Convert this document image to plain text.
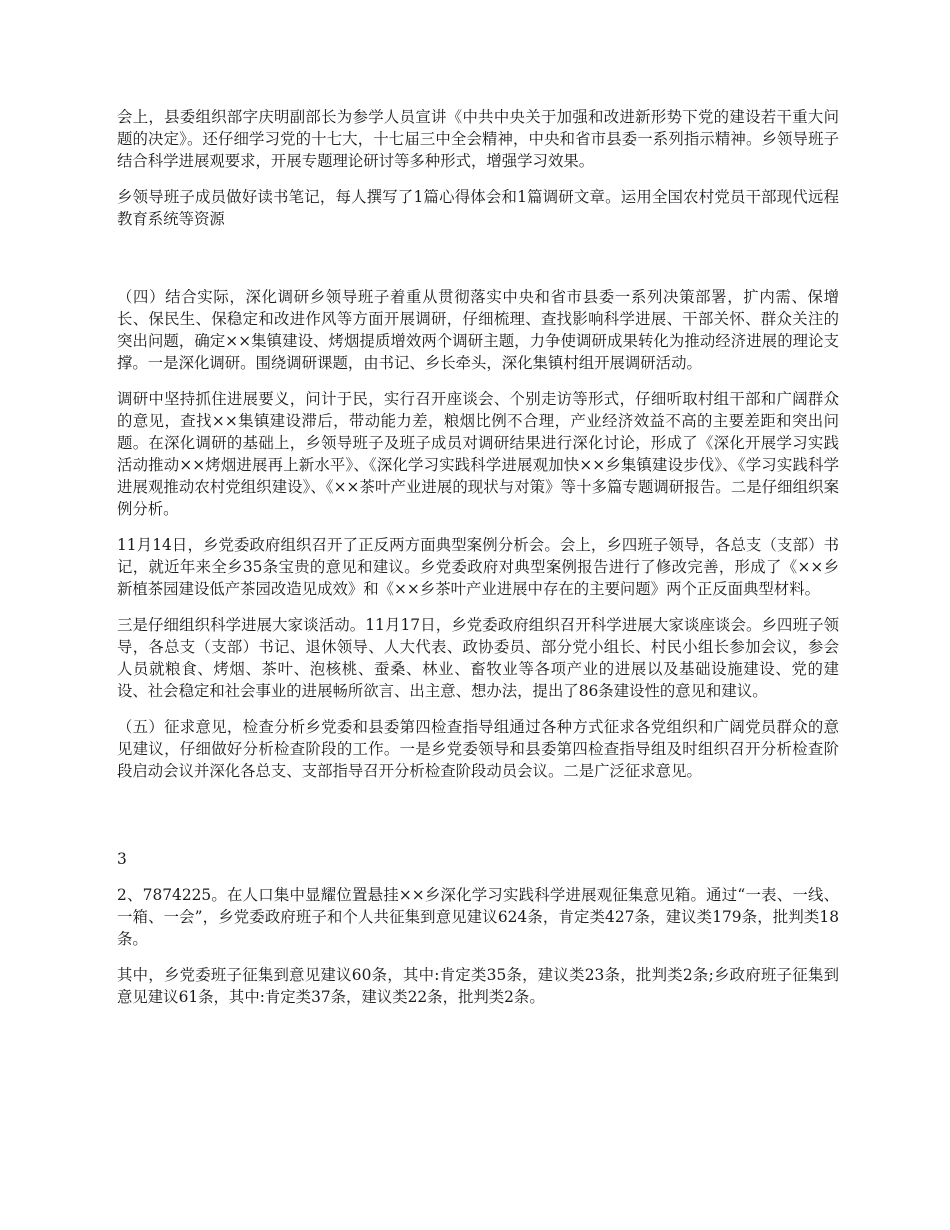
会上，县委组织部字庆明副部长为参学人员宣讲《中共中央关于加强和改进新形势下党的建设若干重大问题的决定》。还仔细学习党的十七大，十七届三中全会精神，中央和省市县委一系列指示精神。乡领导班子结合科学进展观要求，开展专题理论研讨等多种形式，增强学习效果。

乡领导班子成员做好读书笔记，每人撰写了1篇心得体会和1篇调研文章。运用全国农村党员干部现代远程教育系统等资源

（四）结合实际，深化调研乡领导班子着重从贯彻落实中央和省市县委一系列决策部署，扩内需、保增长、保民生、保稳定和改进作风等方面开展调研，仔细梳理、查找影响科学进展、干部关怀、群众关注的突出问题，确定××集镇建设、烤烟提质增效两个调研主题，力争使调研成果转化为推动经济进展的理论支撑。一是深化调研。围绕调研课题，由书记、乡长牵头，深化集镇村组开展调研活动。

调研中坚持抓住进展要义，问计于民，实行召开座谈会、个别走访等形式，仔细听取村组干部和广阔群众的意见，查找××集镇建设滞后，带动能力差，粮烟比例不合理，产业经济效益不高的主要差距和突出问题。在深化调研的基础上，乡领导班子及班子成员对调研结果进行深化讨论，形成了《深化开展学习实践活动推动××烤烟进展再上新水平》、《深化学习实践科学进展观加快××乡集镇建设步伐》、《学习实践科学进展观推动农村党组织建设》、《××茶叶产业进展的现状与对策》等十多篇专题调研报告。二是仔细组织案例分析。

11月14日，乡党委政府组织召开了正反两方面典型案例分析会。会上，乡四班子领导，各总支（支部）书记，就近年来全乡35条宝贵的意见和建议。乡党委政府对典型案例报告进行了修改完善，形成了《××乡新植茶园建设低产茶园改造见成效》和《××乡茶叶产业进展中存在的主要问题》两个正反面典型材料。

三是仔细组织科学进展大家谈活动。11月17日，乡党委政府组织召开科学进展大家谈座谈会。乡四班子领导，各总支（支部）书记、退休领导、人大代表、政协委员、部分党小组长、村民小组长参加会议，参会人员就粮食、烤烟、茶叶、泡核桃、蚕桑、林业、畜牧业等各项产业的进展以及基础设施建设、党的建设、社会稳定和社会事业的进展畅所欲言、出主意、想办法，提出了86条建设性的意见和建议。

（五）征求意见，检查分析乡党委和县委第四检查指导组通过各种方式征求各党组织和广阔党员群众的意见建议，仔细做好分析检查阶段的工作。一是乡党委领导和县委第四检查指导组及时组织召开分析检查阶段启动会议并深化各总支、支部指导召开分析检查阶段动员会议。二是广泛征求意见。

3

2、7874225。在人口集中显耀位置悬挂××乡深化学习实践科学进展观征集意见箱。通过“一表、一线、一箱、一会”，乡党委政府班子和个人共征集到意见建议624条，肯定类427条，建议类179条，批判类18条。

其中，乡党委班子征集到意见建议60条，其中:肯定类35条，建议类23条，批判类2条;乡政府班子征集到意见建议61条，其中:肯定类37条，建议类22条，批判类2条。
